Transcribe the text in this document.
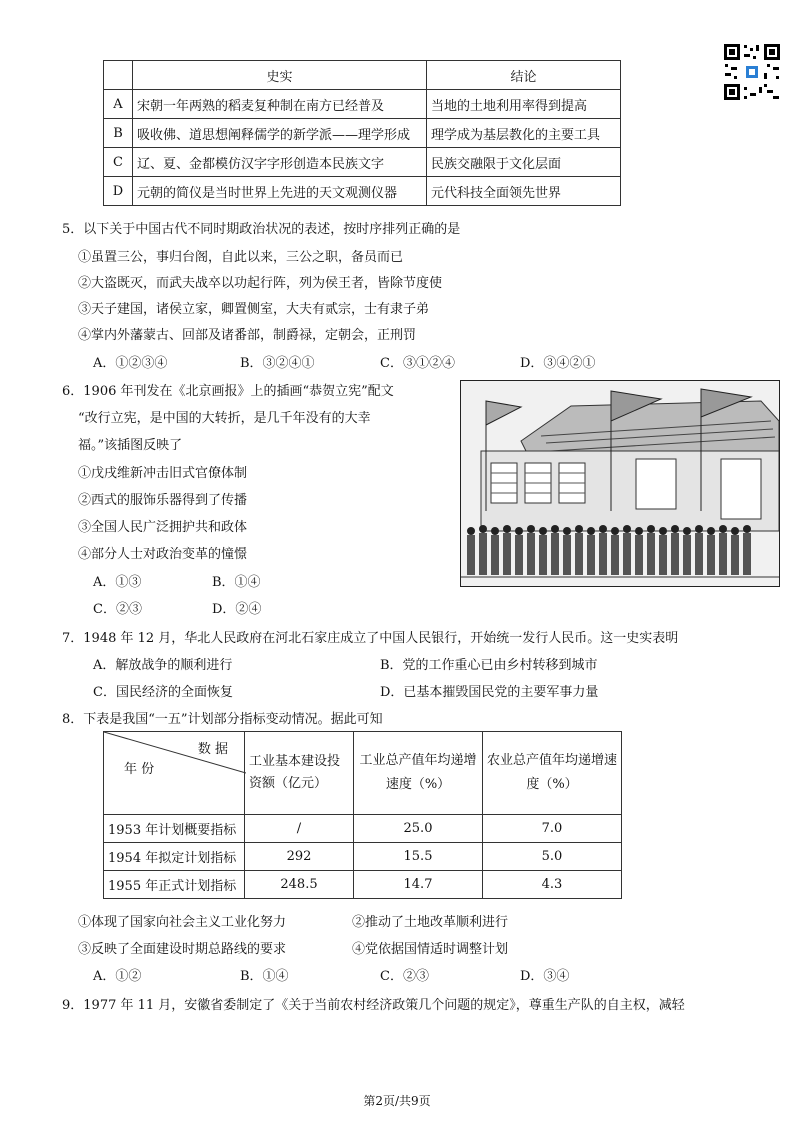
	史实	结论
A	宋朝一年两熟的稻麦复种制在南方已经普及	当地的土地利用率得到提高
B	吸收佛、道思想阐释儒学的新学派——理学形成	理学成为基层教化的主要工具
C	辽、夏、金都模仿汉字字形创造本民族文字	民族交融限于文化层面
D	元朝的简仪是当时世界上先进的天文观测仪器	元代科技全面领先世界
5．以下关于中国古代不同时期政治状况的表述，按时序排列正确的是
①虽置三公，事归台阁，自此以来，三公之职，备员而已
②大盗既灭，而武夫战卒以功起行阵，列为侯王者，皆除节度使
③天子建国，诸侯立家，卿置侧室，大夫有贰宗，士有隶子弟
④掌内外藩蒙古、回部及诸番部，制爵禄，定朝会，正刑罚
A．①②③④	B．③②④①	C．③①②④	D．③④②①
6．1906 年刊发在《北京画报》上的插画“恭贺立宪”配文
“改行立宪，是中国的大转折，是几千年没有的大幸
福。”该插图反映了
①戊戌维新冲击旧式官僚体制
②西式的服饰乐器得到了传播
③全国人民广泛拥护共和政体
④部分人士对政治变革的憧憬
A．①③	B．①④
C．②③	D．②④
7．1948 年 12 月，华北人民政府在河北石家庄成立了中国人民银行，开始统一发行人民币。这一史实表明
A．解放战争的顺利进行	B．党的工作重心已由乡村转移到城市
C．国民经济的全面恢复	D．已基本摧毁国民党的主要军事力量
8．下表是我国“一五”计划部分指标变动情况。据此可知
数 据
年 份	工业基本建设投资额（亿元）	工业总产值年均递增速度（%）	农业总产值年均递增速度（%）
1953 年计划概要指标	/	25.0	7.0
1954 年拟定计划指标	292	15.5	5.0
1955 年正式计划指标	248.5	14.7	4.3
①体现了国家向社会主义工业化努力	②推动了土地改革顺利进行
③反映了全面建设时期总路线的要求	④党依据国情适时调整计划
A．①②	B．①④	C．②③	D．③④
9．1977 年 11 月，安徽省委制定了《关于当前农村经济政策几个问题的规定》，尊重生产队的自主权，减轻
第2页/共9页
